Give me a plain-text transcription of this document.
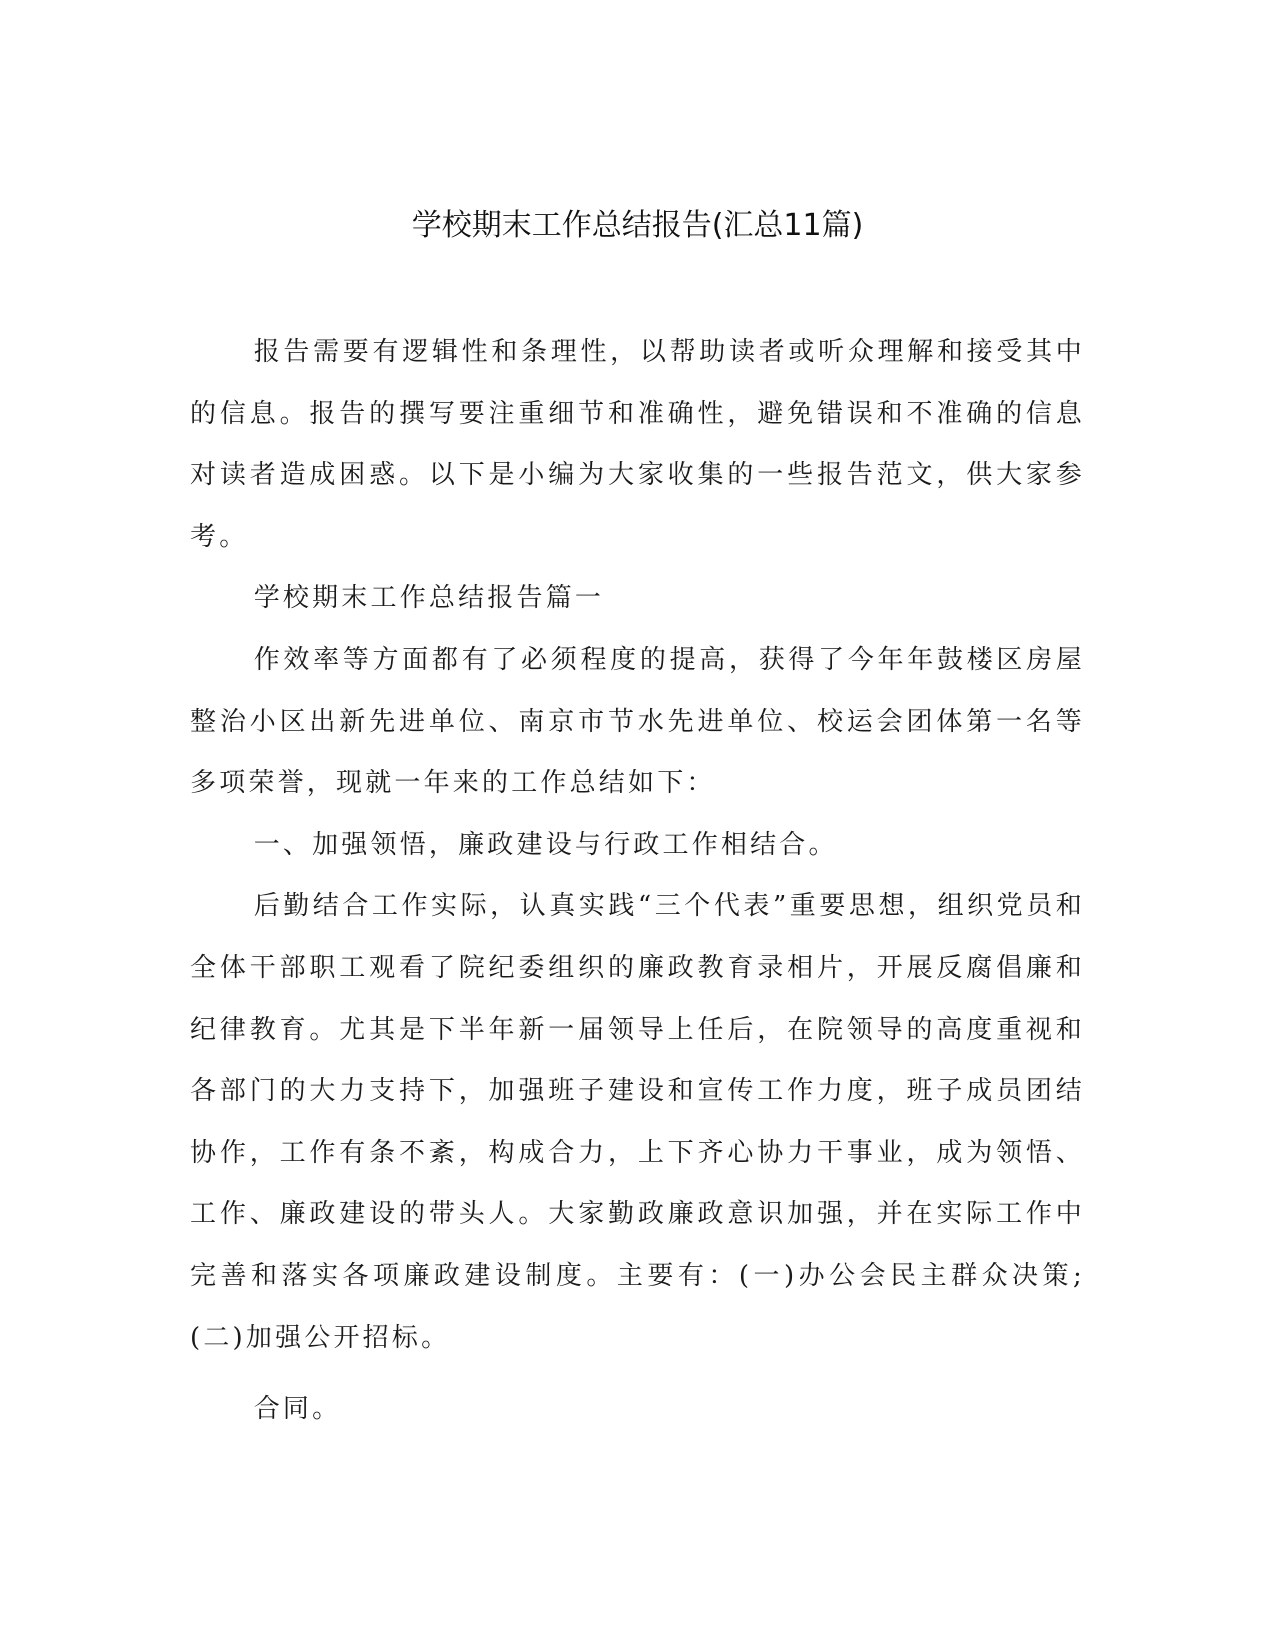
学校期末工作总结报告(汇总11篇)

报告需要有逻辑性和条理性，以帮助读者或听众理解和接受其中的信息。报告的撰写要注重细节和准确性，避免错误和不准确的信息对读者造成困惑。以下是小编为大家收集的一些报告范文，供大家参考。

学校期末工作总结报告篇一

作效率等方面都有了必须程度的提高，获得了今年年鼓楼区房屋整治小区出新先进单位、南京市节水先进单位、校运会团体第一名等多项荣誉，现就一年来的工作总结如下：

一、加强领悟，廉政建设与行政工作相结合。

后勤结合工作实际，认真实践“三个代表”重要思想，组织党员和全体干部职工观看了院纪委组织的廉政教育录相片，开展反腐倡廉和纪律教育。尤其是下半年新一届领导上任后，在院领导的高度重视和各部门的大力支持下，加强班子建设和宣传工作力度，班子成员团结协作，工作有条不紊，构成合力，上下齐心协力干事业，成为领悟、工作、廉政建设的带头人。大家勤政廉政意识加强，并在实际工作中完善和落实各项廉政建设制度。主要有：(一)办公会民主群众决策;(二)加强公开招标。

合同。
